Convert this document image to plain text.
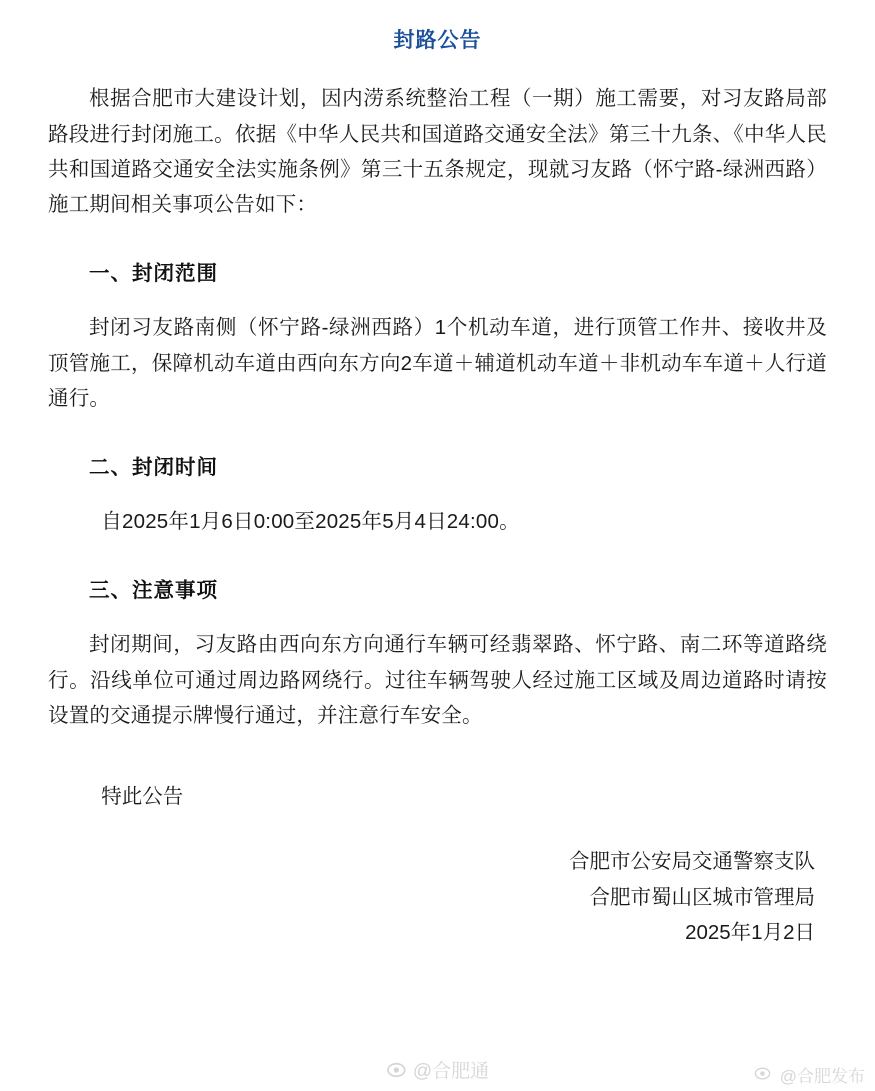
封路公告

根据合肥市大建设计划，因内涝系统整治工程（一期）施工需要，对习友路局部路段进行封闭施工。依据《中华人民共和国道路交通安全法》第三十九条、《中华人民共和国道路交通安全法实施条例》第三十五条规定，现就习友路（怀宁路-绿洲西路）施工期间相关事项公告如下：

一、封闭范围

封闭习友路南侧（怀宁路-绿洲西路）1个机动车道，进行顶管工作井、接收井及顶管施工，保障机动车道由西向东方向2车道＋辅道机动车道＋非机动车车道＋人行道通行。

二、封闭时间

自2025年1月6日0:00至2025年5月4日24:00。

三、注意事项

封闭期间，习友路由西向东方向通行车辆可经翡翠路、怀宁路、南二环等道路绕行。沿线单位可通过周边路网绕行。过往车辆驾驶人经过施工区域及周边道路时请按设置的交通提示牌慢行通过，并注意行车安全。

特此公告

合肥市公安局交通警察支队
合肥市蜀山区城市管理局
2025年1月2日
@合肥通	@合肥发布
